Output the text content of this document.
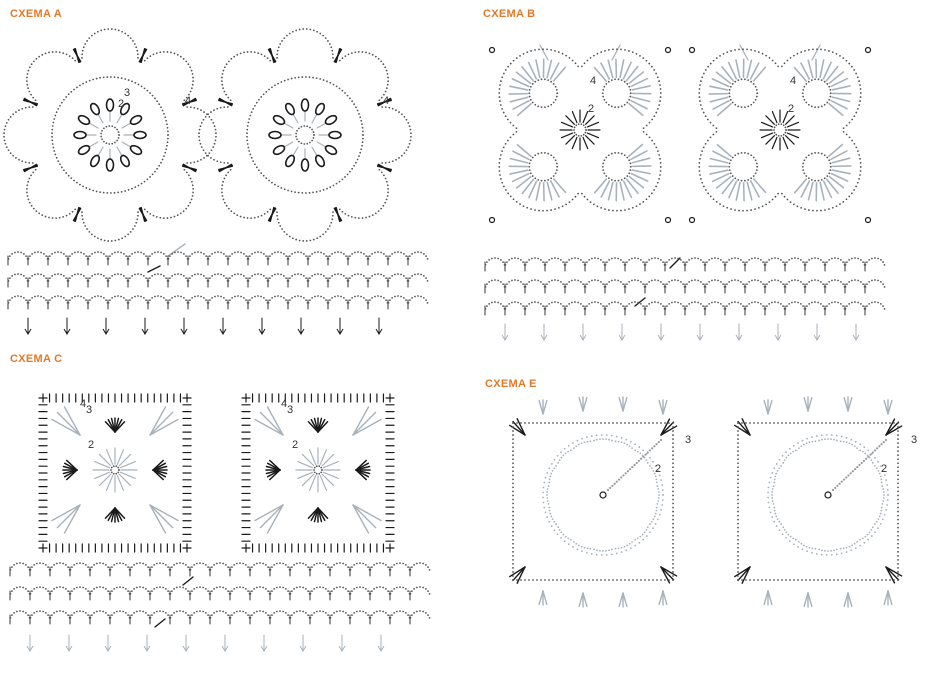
CXEMA A	CXEMA B
CXEMA C
CXEMA E
2
3
4	4
2	2
4	4
2	2
3	3
4	4
2	2
3	3
